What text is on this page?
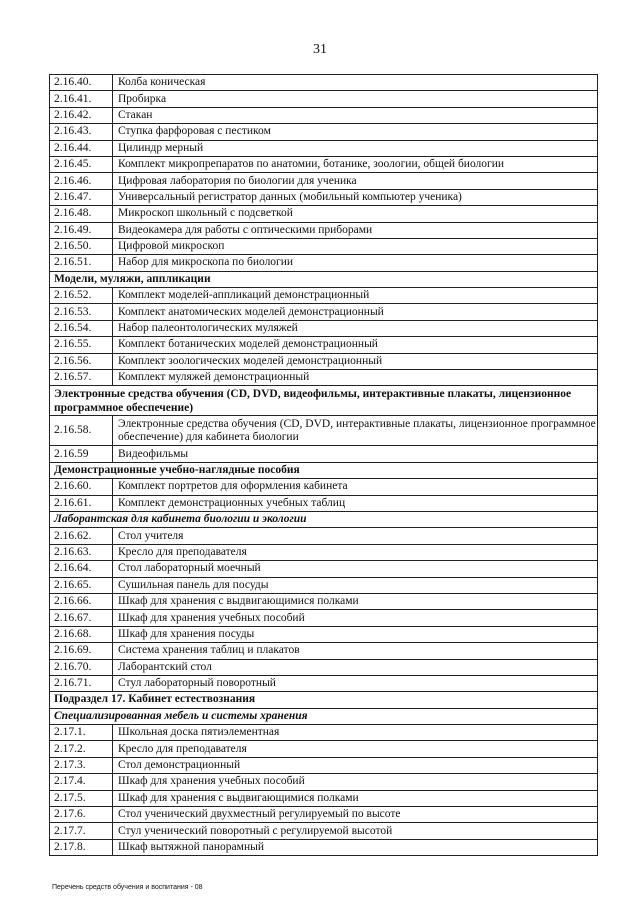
31
2.16.40.	Колба коническая
2.16.41.	Пробирка
2.16.42.	Стакан
2.16.43.	Ступка фарфоровая с пестиком
2.16.44.	Цилиндр мерный
2.16.45.	Комплект микропрепаратов по анатомии, ботанике, зоологии, общей биологии
2.16.46.	Цифровая лаборатория по биологии для ученика
2.16.47.	Универсальный регистратор данных (мобильный компьютер ученика)
2.16.48.	Микроскоп школьный с подсветкой
2.16.49.	Видеокамера для работы с оптическими приборами
2.16.50.	Цифровой микроскоп
2.16.51.	Набор для микроскопа по биологии
Модели, муляжи, аппликации	
2.16.52.	Комплект моделей-аппликаций демонстрационный
2.16.53.	Комплект анатомических моделей демонстрационный
2.16.54.	Набор палеонтологических муляжей
2.16.55.	Комплект ботанических моделей демонстрационный
2.16.56.	Комплект зоологических моделей демонстрационный
2.16.57.	Комплект муляжей демонстрационный
Электронные средства обучения (CD, DVD, видеофильмы, интерактивные плакаты, лицензионное программное обеспечение)	
2.16.58.	Электронные средства обучения (CD, DVD, интерактивные плакаты, лицензионное программное обеспечение) для кабинета биологии
2.16.59	Видеофильмы
Демонстрационные учебно-наглядные пособия	
2.16.60.	Комплект портретов для оформления кабинета
2.16.61.	Комплект демонстрационных учебных таблиц
Лаборантская для кабинета биологии и экологии	
2.16.62.	Стол учителя
2.16.63.	Кресло для преподавателя
2.16.64.	Стол лабораторный моечный
2.16.65.	Сушильная панель для посуды
2.16.66.	Шкаф для хранения с выдвигающимися полками
2.16.67.	Шкаф для хранения учебных пособий
2.16.68.	Шкаф для хранения посуды
2.16.69.	Система хранения таблиц и плакатов
2.16.70.	Лаборантский стол
2.16.71.	Стул лабораторный поворотный
Подраздел 17. Кабинет естествознания	
Специализированная мебель и системы хранения	
2.17.1.	Школьная доска пятиэлементная
2.17.2.	Кресло для преподавателя
2.17.3.	Стол демонстрационный
2.17.4.	Шкаф для хранения учебных пособий
2.17.5.	Шкаф для хранения с выдвигающимися полками
2.17.6.	Стол ученический двухместный регулируемый по высоте
2.17.7.	Стул ученический поворотный с регулируемой высотой
2.17.8.	Шкаф вытяжной панорамный
Перечень средств обучения и воспитания - 08
